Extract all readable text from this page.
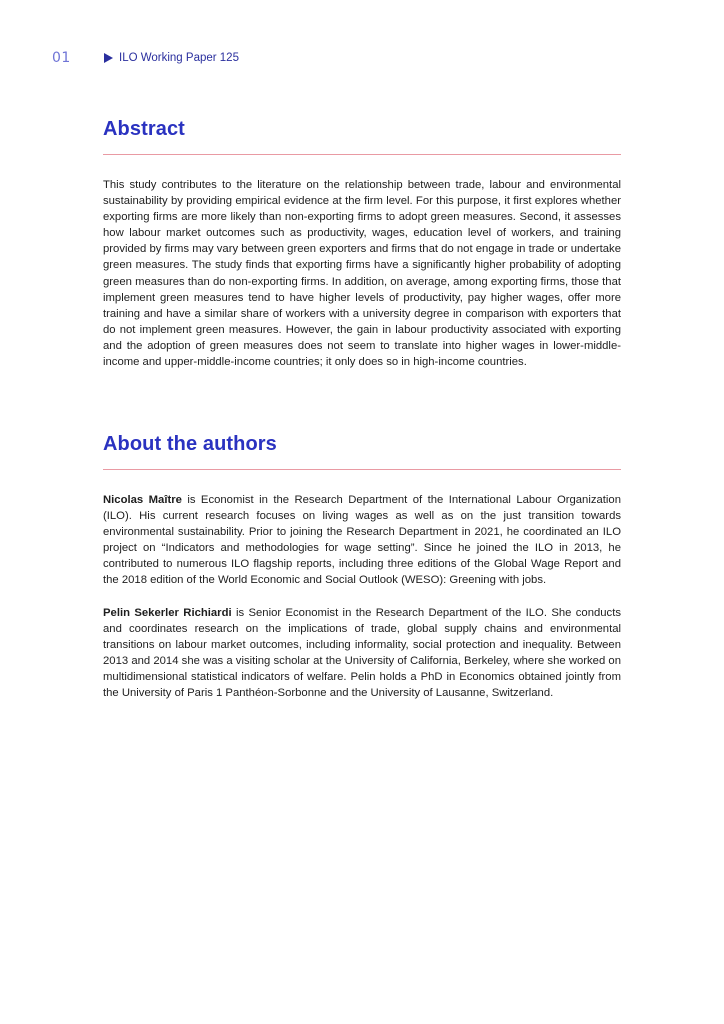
01	ILO Working Paper 125
Abstract

This study contributes to the literature on the relationship between trade, labour and environmental sustainability by providing empirical evidence at the firm level. For this purpose, it first explores whether exporting firms are more likely than non-exporting firms to adopt green measures. Second, it assesses how labour market outcomes such as productivity, wages, education level of workers, and training provided by firms may vary between green exporters and firms that do not engage in trade or undertake green measures. The study finds that exporting firms have a significantly higher probability of adopting green measures than do non-exporting firms. In addition, on average, among exporting firms, those that implement green measures tend to have higher levels of productivity, pay higher wages, offer more training and have a similar share of workers with a university degree in comparison with exporters that do not implement green measures. However, the gain in labour productivity associated with exporting and the adoption of green measures does not seem to translate into higher wages in lower-middle-income and upper-middle-income countries; it only does so in high-income countries.

About the authors

Nicolas Maître is Economist in the Research Department of the International Labour Organization (ILO). His current research focuses on living wages as well as on the just transition towards environmental sustainability. Prior to joining the Research Department in 2021, he coordinated an ILO project on “Indicators and methodologies for wage setting”. Since he joined the ILO in 2013, he contributed to numerous ILO flagship reports, including three editions of the Global Wage Report and the 2018 edition of the World Economic and Social Outlook (WESO): Greening with jobs.

Pelin Sekerler Richiardi is Senior Economist in the Research Department of the ILO. She conducts and coordinates research on the implications of trade, global supply chains and environmental transitions on labour market outcomes, including informality, social protection and inequality. Between 2013 and 2014 she was a visiting scholar at the University of California, Berkeley, where she worked on multidimensional statistical indicators of welfare. Pelin holds a PhD in Economics obtained jointly from the University of Paris 1 Panthéon-Sorbonne and the University of Lausanne, Switzerland.
